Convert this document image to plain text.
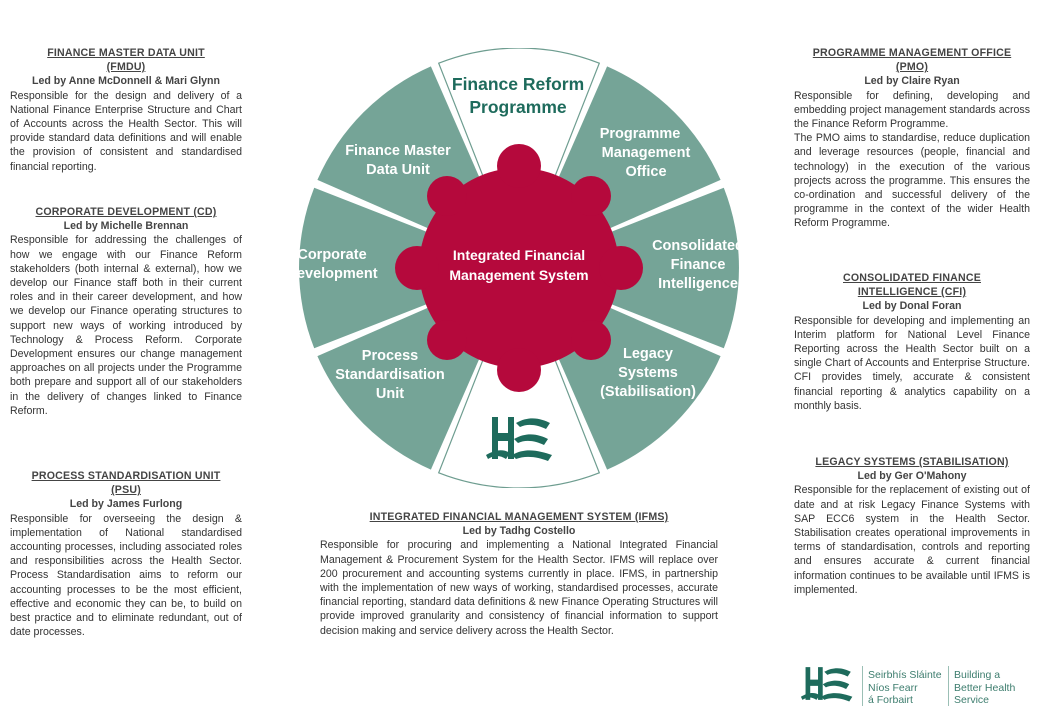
FINANCE MASTER DATA UNIT
(FMDU)
Led by Anne McDonnell & Mari Glynn

Responsible for the design and delivery of a National Finance Enterprise Structure and Chart of Accounts across the Health Sector. This will provide standard data definitions and will enable the provision of consistent and standardised financial reporting.

CORPORATE DEVELOPMENT (CD)
Led by Michelle Brennan

Responsible for addressing the challenges of how we engage with our Finance Reform stakeholders (both internal & external), how we develop our Finance staff both in their current roles and in their career development, and how we develop our Finance operating structures to support new ways of working introduced by Technology & Process Reform. Corporate Development ensures our change management approaches on all projects under the Programme both prepare and support all of our stakeholders in the delivery of changes linked to Finance Reform.

PROCESS STANDARDISATION UNIT
(PSU)
Led by James Furlong

Responsible for overseeing the design & implementation of National standardised accounting processes, including associated roles and responsibilities across the Health Sector. Process Standardisation aims to reform our accounting processes to be the most efficient, effective and economic they can be, to build on best practice and to eliminate redundant, out of date processes.

PROGRAMME MANAGEMENT OFFICE
(PMO)
Led by Claire Ryan

Responsible for defining, developing and embedding project management standards across the Finance Reform Programme.

The PMO aims to standardise, reduce duplication and leverage resources (people, financial and technology) in the execution of the various projects across the programme. This ensures the co-ordination and successful delivery of the programme in the context of the wider Health Reform Programme.

CONSOLIDATED FINANCE
INTELLIGENCE (CFI)
Led by Donal Foran

Responsible for developing and implementing an Interim platform for National Level Finance Reporting across the Health Sector built on a single Chart of Accounts and Enterprise Structure. CFI provides timely, accurate & consistent financial reporting & analytics capability on a monthly basis.

LEGACY SYSTEMS (STABILISATION)
Led by Ger O'Mahony

Responsible for the replacement of existing out of date and at risk Legacy Finance Systems with SAP ECC6 system in the Health Sector. Stabilisation creates operational improvements in terms of standardisation, controls and reporting and ensures accurate & current financial information continues to be available until IFMS is implemented.

INTEGRATED FINANCIAL MANAGEMENT SYSTEM (IFMS)
Led by Tadhg Costello

Responsible for procuring and implementing a National Integrated Financial Management & Procurement System for the Health Sector. IFMS will replace over 200 procurement and accounting systems currently in place. IFMS, in partnership with the implementation of new ways of working, standardised processes, accurate financial reporting, standard data definitions & new Finance Operating Structures will provide improved granularity and consistency of financial information to support decision making and service delivery across the Health Sector.

Finance Reform
Programme
Programme
Management
Office
Consolidated
Finance
Intelligence
Legacy
Systems
(Stabilisation)
Process
Standardisation
Unit
Corporate
Development
Finance Master
Data Unit
Integrated Financial
Management System
Seirbhís Sláinte
Níos Fearr
á Forbairt
Building a
Better Health
Service
